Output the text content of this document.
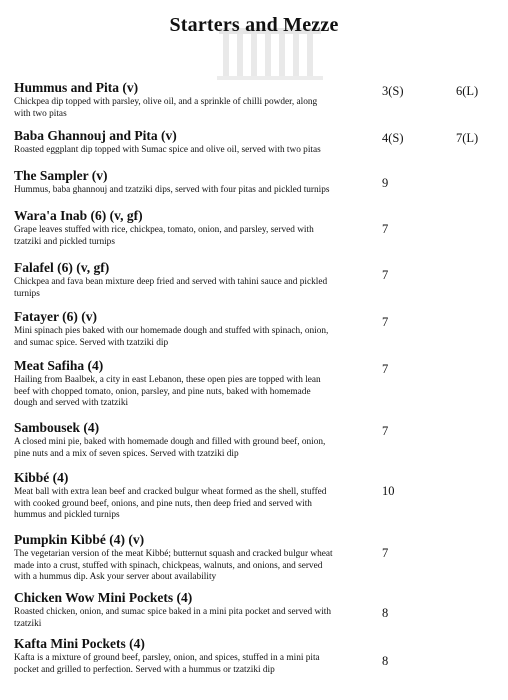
Starters and Mezze
Hummus and Pita (v)
Chickpea dip topped with parsley, olive oil, and a sprinkle of chilli powder, along with two pitas
3(S)	6(L)
Baba Ghannouj and Pita (v)
Roasted eggplant dip topped with Sumac spice and olive oil, served with two pitas
4(S)	7(L)
The Sampler (v)
Hummus, baba ghannouj and tzatziki dips, served with four pitas and pickled turnips	9
Wara'a Inab (6) (v, gf)
Grape leaves stuffed with rice, chickpea, tomato, onion, and parsley, served with tzatziki and pickled turnips
7
Falafel (6) (v, gf)
Chickpea and fava bean mixture deep fried and served with tahini sauce and pickled turnips
7
Fatayer (6) (v)
Mini spinach pies baked with our homemade dough and stuffed with spinach, onion, and sumac spice. Served with tzatziki dip
7
Meat Safiha (4)
Hailing from Baalbek, a city in east Lebanon, these open pies are topped with lean beef with chopped tomato, onion, parsley, and pine nuts, baked with homemade dough and served with tzatziki
7
Sambousek (4)
A closed mini pie, baked with homemade dough and filled with ground beef, onion, pine nuts and a mix of seven spices. Served with tzatziki dip
7
Kibbé (4)
Meat ball with extra lean beef and cracked bulgur wheat formed as the shell, stuffed with cooked ground beef, onions, and pine nuts, then deep fried and served with hummus and pickled turnips
10
Pumpkin Kibbé (4) (v)
The vegetarian version of the meat Kibbé; butternut squash and cracked bulgur wheat made into a crust, stuffed with spinach, chickpeas, walnuts, and onions, and served with a hummus dip. Ask your server about availability
7
Chicken Wow Mini Pockets (4)
Roasted chicken, onion, and sumac spice baked in a mini pita pocket and served with tzatziki
8
Kafta Mini Pockets (4)
Kafta is a mixture of ground beef, parsley, onion, and spices, stuffed in a mini pita pocket and grilled to perfection. Served with a hummus or tzatziki dip
8
